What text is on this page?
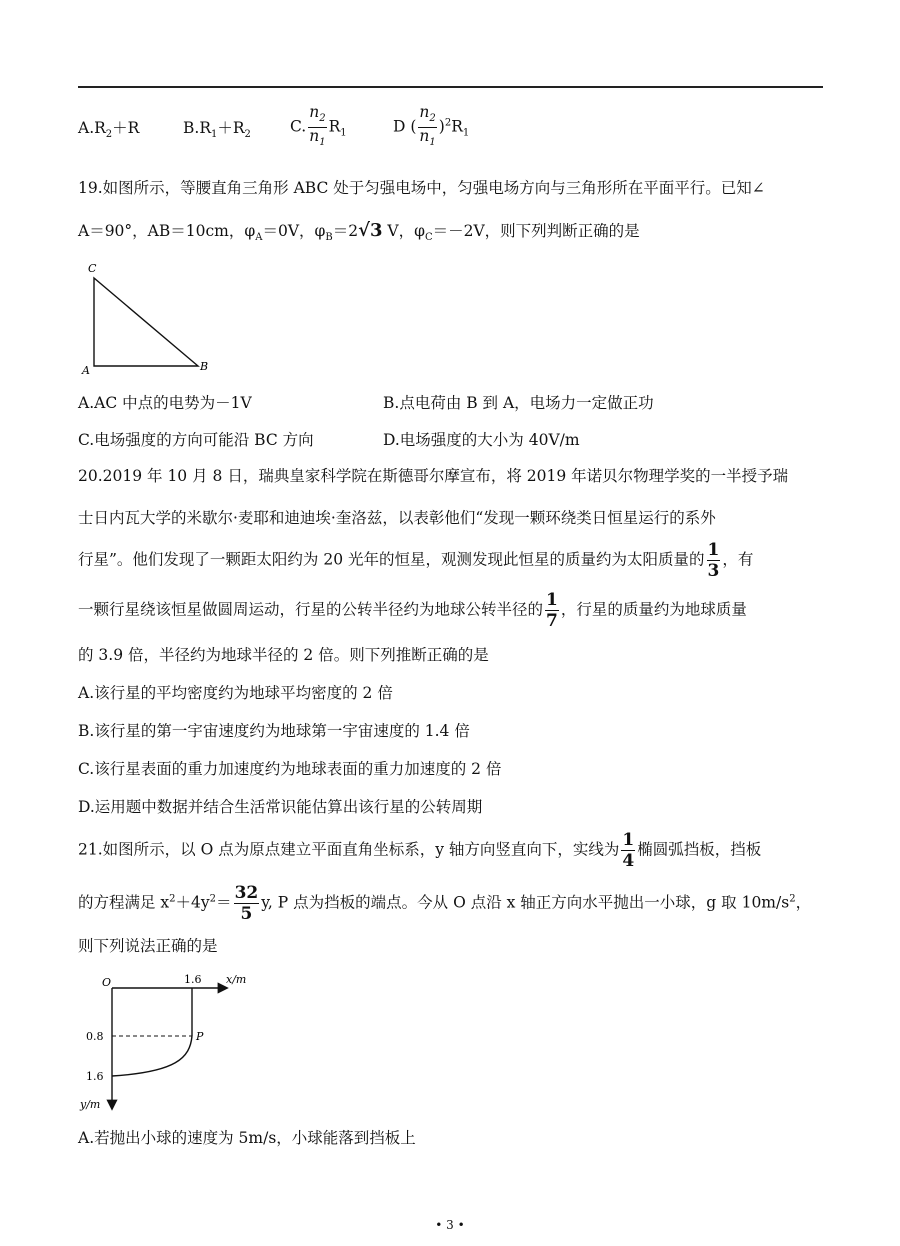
$A.R_2+R$	$B.R_1+R_2$	C. $\frac{n_2}{n_1} R_1$	D ( $\frac{n_2}{n_1} )^2R_1$
19.如图所示，等腰直角三角形 ABC 处于匀强电场中，匀强电场方向与三角形所在平面平行。已知∠
A＝90°，AB＝10cm，$\varphi_A=0V$，$\varphi_B=2√3$ V，$\varphi_C=-2V$，则下列判断正确的是
C
A	B
A.AC 中点的电势为－1V	B.点电荷由 B 到 A，电场力一定做正功
C.电场强度的方向可能沿 BC 方向	D.电场强度的大小为 40V/m
20.2019 年 10 月 8 日，瑞典皇家科学院在斯德哥尔摩宣布，将 2019 年诺贝尔物理学奖的一半授予瑞
士日内瓦大学的米歇尔·麦耶和迪迪埃·奎洛兹，以表彰他们“发现一颗环绕类日恒星运行的系外
行星”。他们发现了一颗距太阳约为 20 光年的恒星，观测发现此恒星的质量约为太阳质量的 $\frac{1}{3}$ ，有
一颗行星绕该恒星做圆周运动，行星的公转半径约为地球公转半径的 $\frac{1}{7}$ ，行星的质量约为地球质量
的 3.9 倍，半径约为地球半径的 2 倍。则下列推断正确的是
A.该行星的平均密度约为地球平均密度的 2 倍
B.该行星的第一宇宙速度约为地球第一宇宙速度的 1.4 倍
C.该行星表面的重力加速度约为地球表面的重力加速度的 2 倍
D.运用题中数据并结合生活常识能估算出该行星的公转周期
21.如图所示，以 O 点为原点建立平面直角坐标系，y 轴方向竖直向下，实线为 $\frac{1}{4}$ 椭圆弧挡板，挡板
的方程满足 $x^2+4y^2= \frac{32}{5} y$, P 点为挡板的端点。今从 O 点沿 x 轴正方向水平抛出一小球，g 取 $10m/s^2$，
则下列说法正确的是
O	1.6 x/m
0.8	P
1.6
y/m
A.若抛出小球的速度为 5m/s，小球能落到挡板上
• 3 •
